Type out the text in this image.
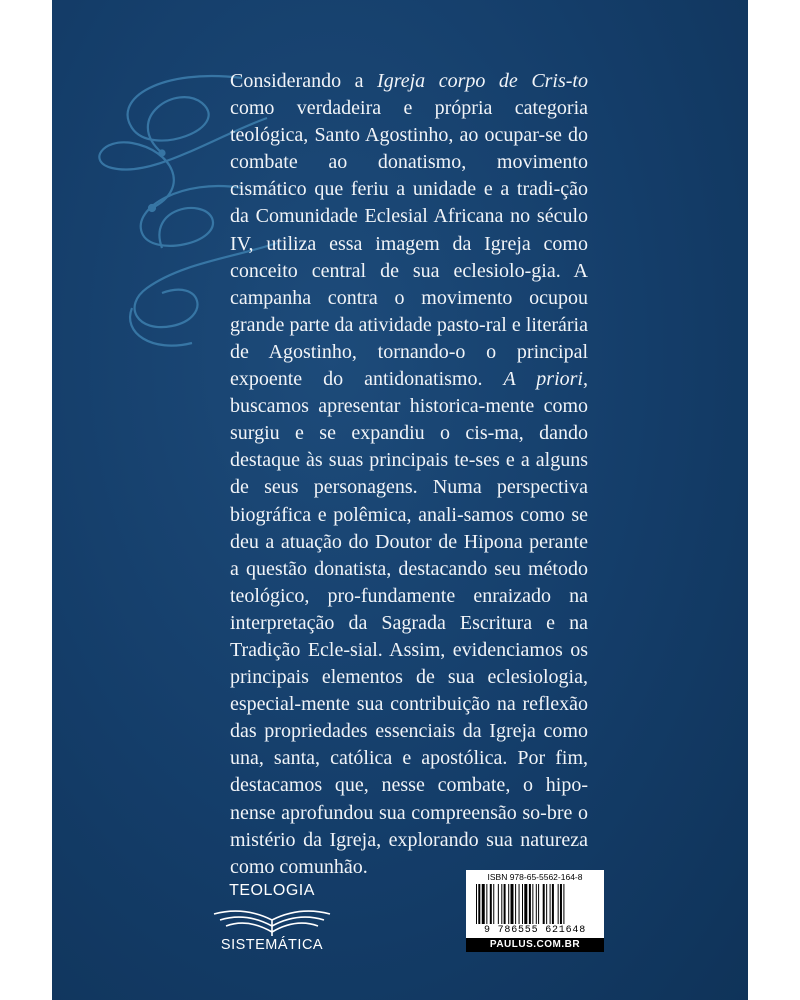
Considerando a Igreja corpo de Cris-to como verdadeira e própria categoria teológica, Santo Agostinho, ao ocupar-se do combate ao donatismo, movimento cismático que feriu a unidade e a tradi-ção da Comunidade Eclesial Africana no século IV, utiliza essa imagem da Igreja como conceito central de sua eclesiolo-gia. A campanha contra o movimento ocupou grande parte da atividade pasto-ral e literária de Agostinho, tornando-o o principal expoente do antidonatismo. A priori, buscamos apresentar historica-mente como surgiu e se expandiu o cis-ma, dando destaque às suas principais te-ses e a alguns de seus personagens. Numa perspectiva biográfica e polêmica, anali-samos como se deu a atuação do Doutor de Hipona perante a questão donatista, destacando seu método teológico, pro-fundamente enraizado na interpretação da Sagrada Escritura e na Tradição Ecle-sial. Assim, evidenciamos os principais elementos de sua eclesiologia, especial-mente sua contribuição na reflexão das propriedades essenciais da Igreja como una, santa, católica e apostólica. Por fim, destacamos que, nesse combate, o hipo-nense aprofundou sua compreensão so-bre o mistério da Igreja, explorando sua natureza como comunhão.

TEOLOGIA
SISTEMÁTICA
ISBN 978-65-5562-164-8
9 786555 621648
PAULUS.COM.BR
